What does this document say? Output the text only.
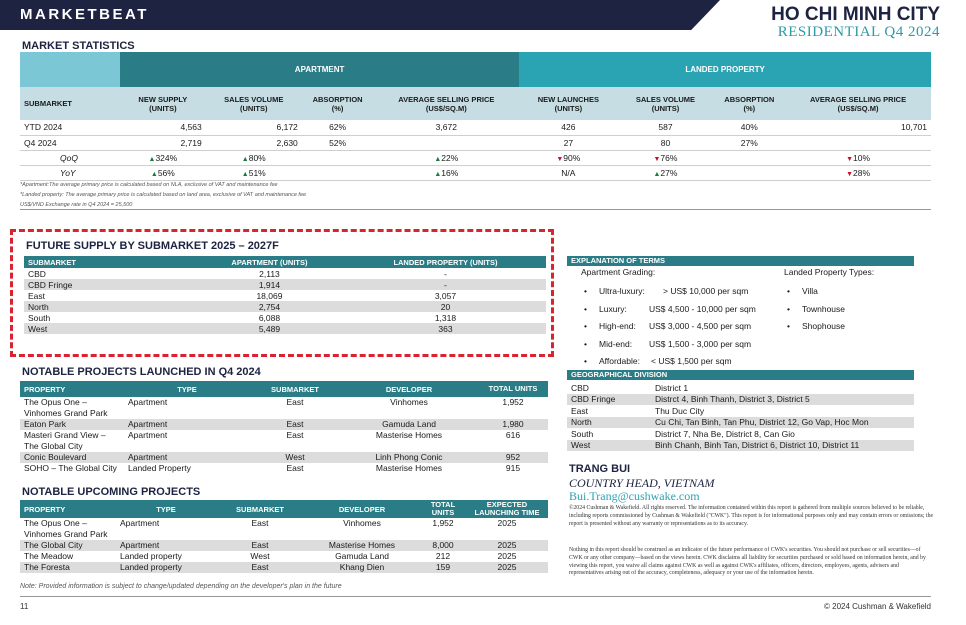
MARKETBEAT	HO CHI MINH CITY
RESIDENTIAL Q4 2024
MARKET STATISTICS
	APARTMENT				LANDED PROPERTY			
SUBMARKET	NEW SUPPLY (UNITS)	SALES VOLUME (UNITS)	ABSORPTION (%)	AVERAGE SELLING PRICE (US$/SQ.M)	NEW LAUNCHES (UNITS)	SALES VOLUME (UNITS)	ABSORPTION (%)	AVERAGE SELLING PRICE (US$/SQ.M)
YTD 2024	4,563	6,172	62%	3,672	426	587	40%	10,701
Q4 2024	2,719	2,630	52%		27	80	27%	
QoQ	▲324%	▲80%		▲22%	▼90%	▼76%		▼10%
YoY	▲56%	▲51%		▲16%	N/A	▲27%		▼28%
*Apartment:The average primary price is calculated based on NLA, exclusive of VAT and maintenance fee
*Landed property: The average primary price is calculated based on land area, exclusive of VAT and maintenance fee
US$/VND Exchange rate in Q4 2024 = 25,500
FUTURE SUPPLY BY SUBMARKET 2025 – 2027F
SUBMARKET	APARTMENT (UNITS)	LANDED PROPERTY (UNITS)
CBD	2,113	-
CBD Fringe	1,914	-
East	18,069	3,057
North	2,754	20
South	6,088	1,318
West	5,489	363
NOTABLE PROJECTS LAUNCHED IN Q4 2024
PROPERTY	TYPE	SUBMARKET	DEVELOPER	TOTAL UNITS
The Opus One – Vinhomes Grand Park	Apartment	East	Vinhomes	1,952
Eaton Park	Apartment	East	Gamuda Land	1,980
Masteri Grand View – The Global City	Apartment	East	Masterise Homes	616
Conic Boulevard	Apartment	West	Linh Phong Conic	952
SOHO – The Global City	Landed Property	East	Masterise Homes	915
NOTABLE UPCOMING PROJECTS
PROPERTY	TYPE	SUBMARKET	DEVELOPER	TOTAL UNITS	EXPECTED LAUNCHING TIME
The Opus One – Vinhomes Grand Park	Apartment	East	Vinhomes	1,952	2025
The Global City	Apartment	East	Masterise Homes	8,000	2025
The Meadow	Landed property	West	Gamuda Land	212	2025
The Foresta	Landed property	East	Khang Dien	159	2025
Note: Provided information is subject to change/updated depending on the developer's plan in the future
11	© 2024 Cushman & Wakefield
EXPLANATION OF TERMS
Apartment Grading:
• Ultra-luxury: > US$ 10,000 per sqm
• Luxury:	US$ 4,500 - 10,000 per sqm
• High-end: US$ 3,000 - 4,500 per sqm
• Mid-end: US$ 1,500 - 3,000 per sqm
• Affordable: < US$ 1,500 per sqm
Landed Property Types:
• Villa
• Townhouse
• Shophouse
GEOGRAPHICAL DIVISION
CBD	District 1
CBD Fringe	Distrct 4, Binh Thanh, District 3, District 5
East	Thu Duc City
North	Cu Chi, Tan Binh, Tan Phu, District 12, Go Vap, Hoc Mon
South	District 7, Nha Be, District 8, Can Gio
West	Binh Chanh, Binh Tan, District 6, District 10, District 11
TRANG BUI
COUNTRY HEAD, VIETNAM
Bui.Trang@cushwake.com
©2024 Cushman & Wakefield. All rights reserved. The information contained within this report is gathered from multiple sources believed to be reliable, including reports commissioned by Cushman & Wakefield ("CWK"). This report is for informational purposes only and may contain errors or omissions; the report is presented without any warranty or representations as to its accuracy.
Nothing in this report should be construed as an indicator of the future performance of CWK's securities. You should not purchase or sell securities—of CWK or any other company—based on the views herein. CWK disclaims all liability for securities purchased or sold based on information herein, and by viewing this report, you waive all claims against CWK as well as against CWK's affiliates, officers, directors, employees, agents, advisers and representatives arising out of the accuracy, completeness, adequacy or your use of the information herein.
